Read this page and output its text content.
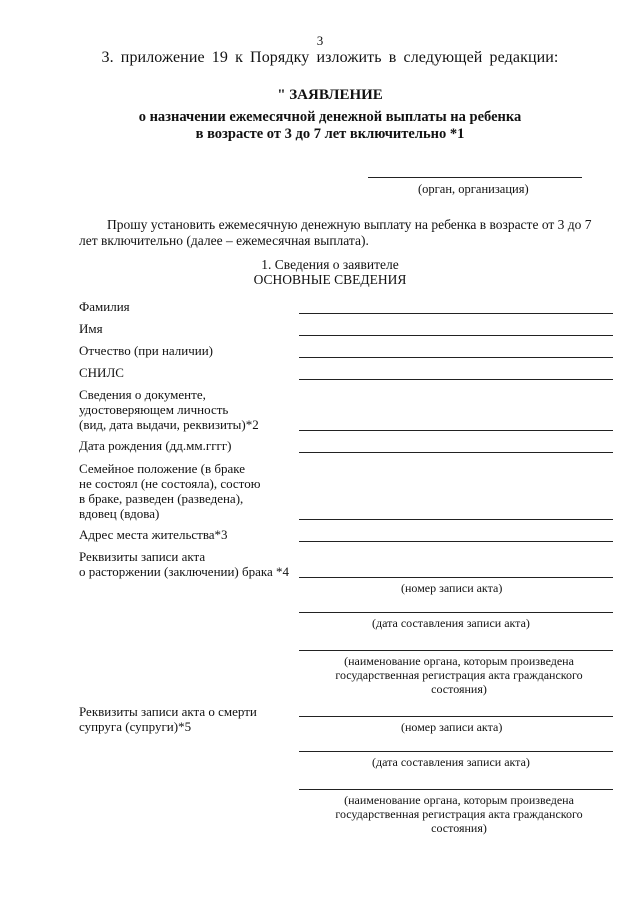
3
3. приложение 19 к Порядку изложить в следующей редакции:
" ЗАЯВЛЕНИЕ
о назначении ежемесячной денежной выплаты на ребенка
в возрасте от 3 до 7 лет включительно *1
(орган, организация)
Прошу установить ежемесячную денежную выплату на ребенка в возрасте от 3 до 7
лет включительно (далее – ежемесячная выплата).
1. Сведения о заявителе
ОСНОВНЫЕ СВЕДЕНИЯ
Фамилия
Имя
Отчество (при наличии)
СНИЛС
Сведения о документе,
удостоверяющем личность
(вид, дата выдачи, реквизиты)*2
Дата рождения (дд.мм.гггг)
Семейное положение (в браке
не состоял (не состояла), состою
в браке, разведен (разведена),
вдовец (вдова)
Адрес места жительства*3
Реквизиты записи акта
о расторжении (заключении) брака *4
(номер записи акта)
(дата составления записи акта)
(наименование органа, которым произведена
государственная регистрация акта гражданского
состояния)
Реквизиты записи акта о смерти
супруга (супруги)*5	(номер записи акта)
(дата составления записи акта)
(наименование органа, которым произведена
государственная регистрация акта гражданского
состояния)
